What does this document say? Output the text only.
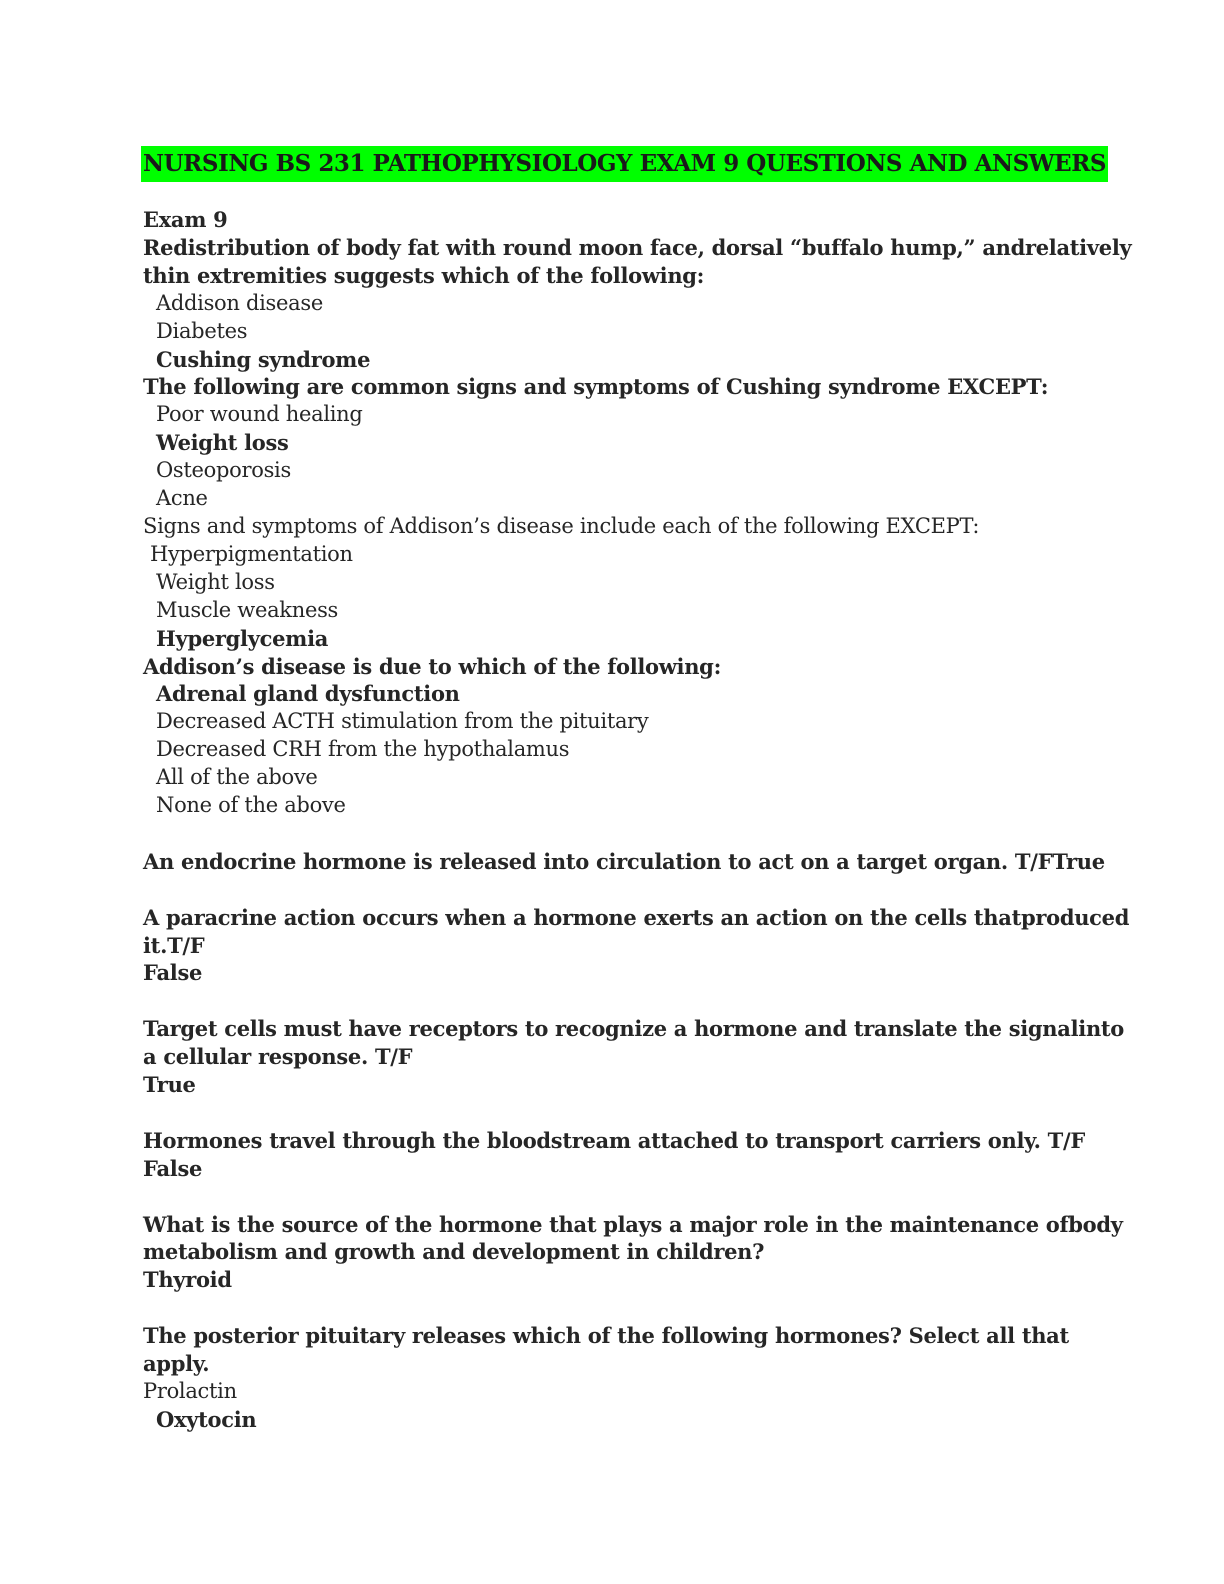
NURSING BS 231 PATHOPHYSIOLOGY EXAM 9 QUESTIONS AND ANSWERS
Exam 9
Redistribution of body fat with round moon face, dorsal “buffalo hump,” andrelatively
thin extremities suggests which of the following:
Addison disease
Diabetes
Cushing syndrome
The following are common signs and symptoms of Cushing syndrome EXCEPT:
Poor wound healing
Weight loss
Osteoporosis
Acne
Signs and symptoms of Addison’s disease include each of the following EXCEPT:
Hyperpigmentation
Weight loss
Muscle weakness
Hyperglycemia
Addison’s disease is due to which of the following:
Adrenal gland dysfunction
Decreased ACTH stimulation from the pituitary
Decreased CRH from the hypothalamus
All of the above
None of the above
An endocrine hormone is released into circulation to act on a target organ. T/FTrue
A paracrine action occurs when a hormone exerts an action on the cells thatproduced
it.T/F
False
Target cells must have receptors to recognize a hormone and translate the signalinto
a cellular response. T/F
True
Hormones travel through the bloodstream attached to transport carriers only. T/F
False
What is the source of the hormone that plays a major role in the maintenance ofbody
metabolism and growth and development in children?
Thyroid
The posterior pituitary releases which of the following hormones? Select all that
apply.
Prolactin
Oxytocin
